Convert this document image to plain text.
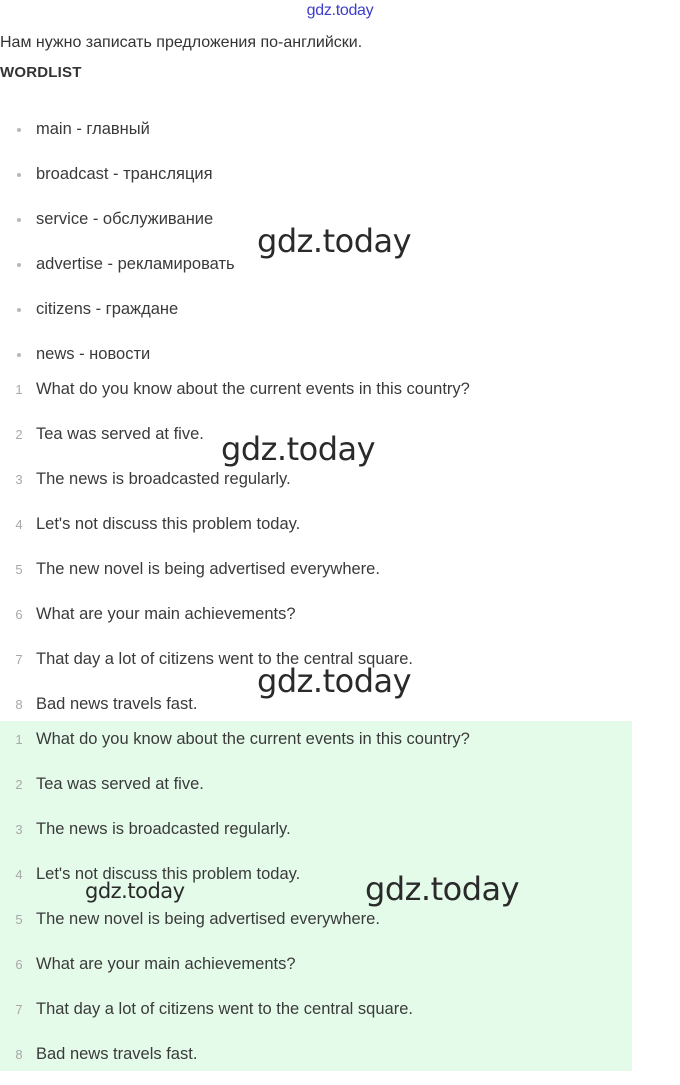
gdz.today
Нам нужно записать предложения по-английски.
WORDLIST
main - главный
broadcast - трансляция
service - обслуживание
advertise - рекламировать
citizens - граждане
news - новости
1 What do you know about the current events in this country?
2 Tea was served at five.
3 The news is broadcasted regularly.
4 Let's not discuss this problem today.
5 The new novel is being advertised everywhere.
6 What are your main achievements?
7 That day a lot of citizens went to the central square.
8 Bad news travels fast.
1 What do you know about the current events in this country?
2 Tea was served at five.
3 The news is broadcasted regularly.
4 Let's not discuss this problem today.
5 The new novel is being advertised everywhere.
6 What are your main achievements?
7 That day a lot of citizens went to the central square.
8 Bad news travels fast.
gdz.today
gdz.today
gdz.today
gdz.today	gdz.today
